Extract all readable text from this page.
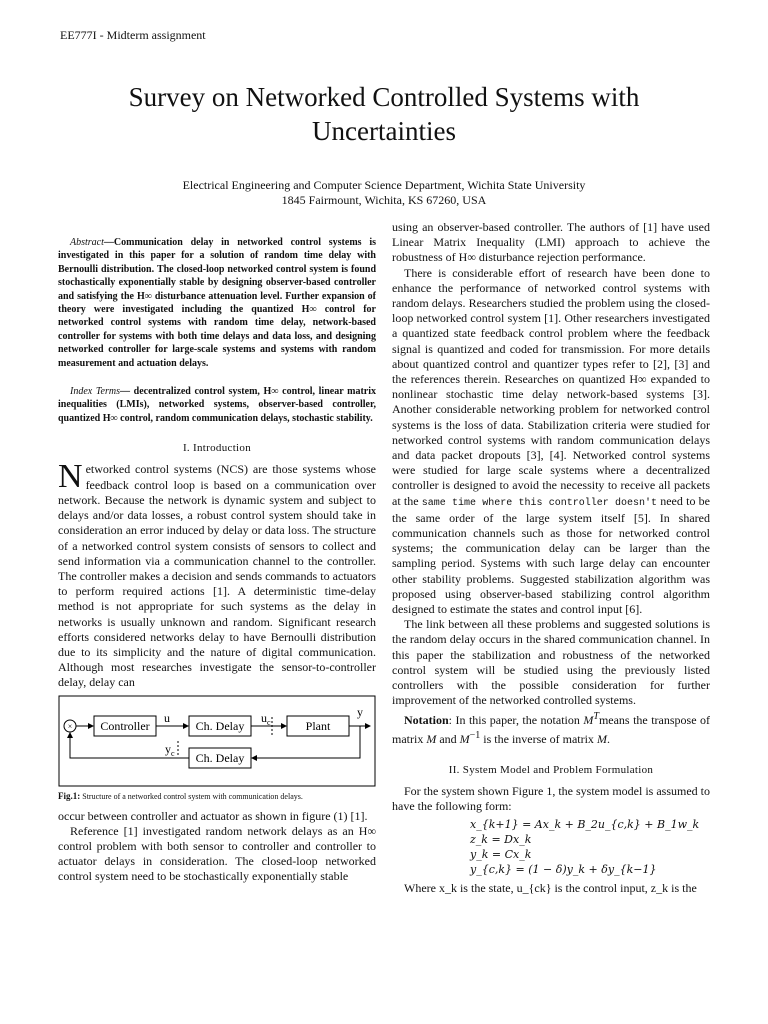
EE777I - Midterm assignment
Survey on Networked Controlled Systems with Uncertainties
Electrical Engineering and Computer Science Department, Wichita State University
1845 Fairmount, Wichita, KS 67260, USA

Abstract—Communication delay in networked control systems is investigated in this paper for a solution of random time delay with Bernoulli distribution. The closed-loop networked control system is found stochastically exponentially stable by designing observer-based controller and satisfying the H∞ disturbance attenuation level. Further expansion of theory were investigated including the quantized H∞ control for networked control systems with random time delay, network-based controller for systems with both time delays and data loss, and designing networked controller for large-scale systems and systems with random measurement and actuation delays.

Index Terms— decentralized control system, H∞ control, linear matrix inequalities (LMIs), networked systems, observer-based controller, quantized H∞ control, random communication delays, stochastic stability.

I. Introduction

Networked control systems (NCS) are those systems whose feedback control loop is based on a communication over network. Because the network is dynamic system and subject to delays and/or data losses, a robust control system should take in consideration an error induced by delay or data loss. The structure of a networked control system consists of sensors to collect and send information via a communication channel to the controller. The controller makes a decision and sends commands to actuators to perform required actions [1]. A deterministic time-delay method is not appropriate for such systems as the delay in networks is usually unknown and random. Significant research efforts considered networks delay to have Bernoulli distribution due to its simplicity and the nature of digital communication. Although most researches investigate the sensor-to-controller delay, delay can

× Controller
u
Ch. Delay
$u_c$	Plant
y
Ch. Delay
$y_c$

Fig.1: Structure of a networked control system with communication delays.

occur between controller and actuator as shown in figure (1) [1].

Reference [1] investigated random network delays as an H∞ control problem with both sensor to controller and controller to actuator delays in consideration. The closed-loop networked control system need to be stochastically exponentially stable

using an observer-based controller. The authors of [1] have used Linear Matrix Inequality (LMI) approach to achieve the robustness of H∞ disturbance rejection performance.

There is considerable effort of research have been done to enhance the performance of networked control systems with random delays. Researchers studied the problem using the closed-loop networked control system [1]. Other researchers investigated a quantized state feedback control problem where the feedback signal is quantized and coded for transmission. For more details about quantized control and quantizer types refer to [2], [3] and the references therein. Researches on quantized H∞ expanded to nonlinear stochastic time delay network-based systems [3]. Another considerable networking problem for networked control systems is the loss of data. Stabilization criteria were studied for networked control systems with random communication delays and data packet dropouts [3], [4]. Networked control systems were studied for large scale systems where a decentralized controller is designed to avoid the necessity to receive all packets at the same time where this controller doesn't need to be the same order of the large system itself [5]. In shared communication channels such as those for networked control systems; the communication delay can be larger than the sampling period. Systems with such large delay can encounter other stability problems. Suggested stabilization algorithm was proposed using observer-based stabilizing control algorithm designed to estimate the states and control input [6].

The link between all these problems and suggested solutions is the random delay occurs in the shared communication channel. In this paper the stabilization and robustness of the networked control system will be studied using the previously listed controllers with the possible consideration for further improvement of the networked controlled systems.

Notation: In this paper, the notation $M^Tmeans$ the transpose of matrix M and $M^{-1}$ is the inverse of matrix M.

II. System Model and Problem Formulation

For the system shown Figure 1, the system model is assumed to have the following form:

x_{k+1} = Ax_k + B_2u_{c,k} + B_1w_k
z_k = Dx_k
y_k = Cx_k
y_{c,k} = (1 − δ)y_k + δy_{k−1}

Where x_k is the state, u_{ck} is the control input, z_k is the
